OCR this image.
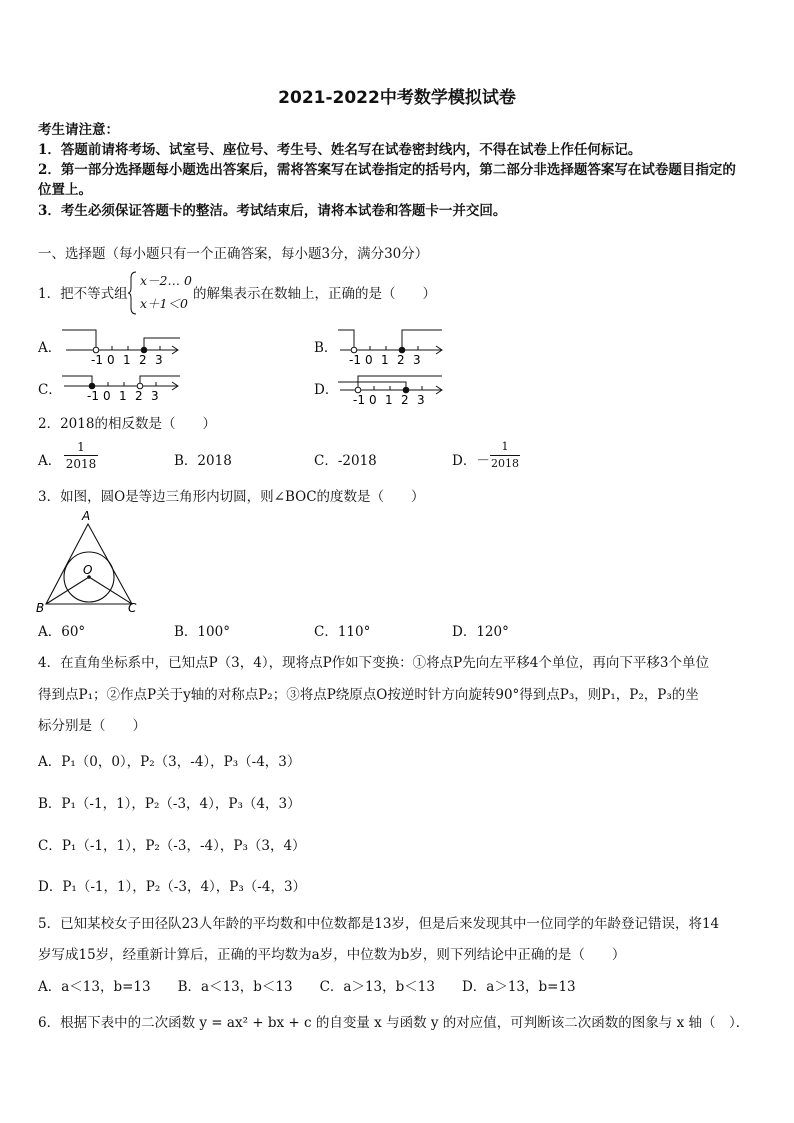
2021-2022中考数学模拟试卷
考生请注意：
1．答题前请将考场、试室号、座位号、考生号、姓名写在试卷密封线内，不得在试卷上作任何标记。
2．第一部分选择题每小题选出答案后，需将答案写在试卷指定的括号内，第二部分非选择题答案写在试卷题目指定的
位置上。
3．考生必须保证答题卡的整洁。考试结束后，请将本试卷和答题卡一并交回。
一、选择题（每小题只有一个正确答案，每小题3分，满分30分）
1．把不等式组
x－2… 0
x＋1＜0
的解集表示在数轴上，正确的是（　　）
A．	B．
C．	D．
-1 0 1 2 3	-1 0 1 2 3
-1 0 1 2 3	-1 0 1 2 3
2．2018的相反数是（　　）
A．
1
2018	B．2018	C．-2018	D．－
1
2018
3．如图，圆O是等边三角形内切圆，则∠BOC的度数是（　　）
A
B	C
O
A．60°	B．100°	C．110°	D．120°
4．在直角坐标系中，已知点P（3，4），现将点P作如下变换：①将点P先向左平移4个单位，再向下平移3个单位
得到点P₁；②作点P关于y轴的对称点P₂；③将点P绕原点O按逆时针方向旋转90°得到点P₃，则P₁，P₂，P₃的坐
标分别是（　　）
A．P₁（0，0），P₂（3，-4），P₃（-4，3）
B．P₁（-1，1），P₂（-3，4），P₃（4，3）
C．P₁（-1，1），P₂（-3，-4），P₃（3，4）
D．P₁（-1，1），P₂（-3，4），P₃（-4，3）
5．已知某校女子田径队23人年龄的平均数和中位数都是13岁，但是后来发现其中一位同学的年龄登记错误，将14
岁写成15岁，经重新计算后，正确的平均数为a岁，中位数为b岁，则下列结论中正确的是（　　）
A．a＜13，b=13　　B．a＜13，b＜13　　C．a＞13，b＜13　　D．a＞13，b=13
6．根据下表中的二次函数 y = ax² + bx + c 的自变量 x 与函数 y 的对应值，可判断该二次函数的图象与 x 轴（　）．
